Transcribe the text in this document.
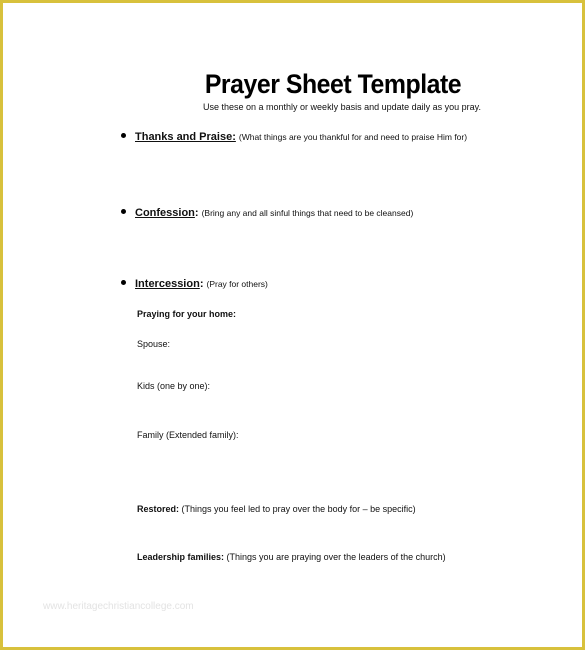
Prayer Sheet Template
Use these on a monthly or weekly basis and update daily as you pray.
Thanks and Praise: (What things are you thankful for and need to praise Him for)
Confession: (Bring any and all sinful things that need to be cleansed)
Intercession: (Pray for others)
Praying for your home:
Spouse:
Kids (one by one):
Family (Extended family):
Restored: (Things you feel led to pray over the body for – be specific)
Leadership families: (Things you are praying over the leaders of the church)
www.heritagechristiancollege.com
